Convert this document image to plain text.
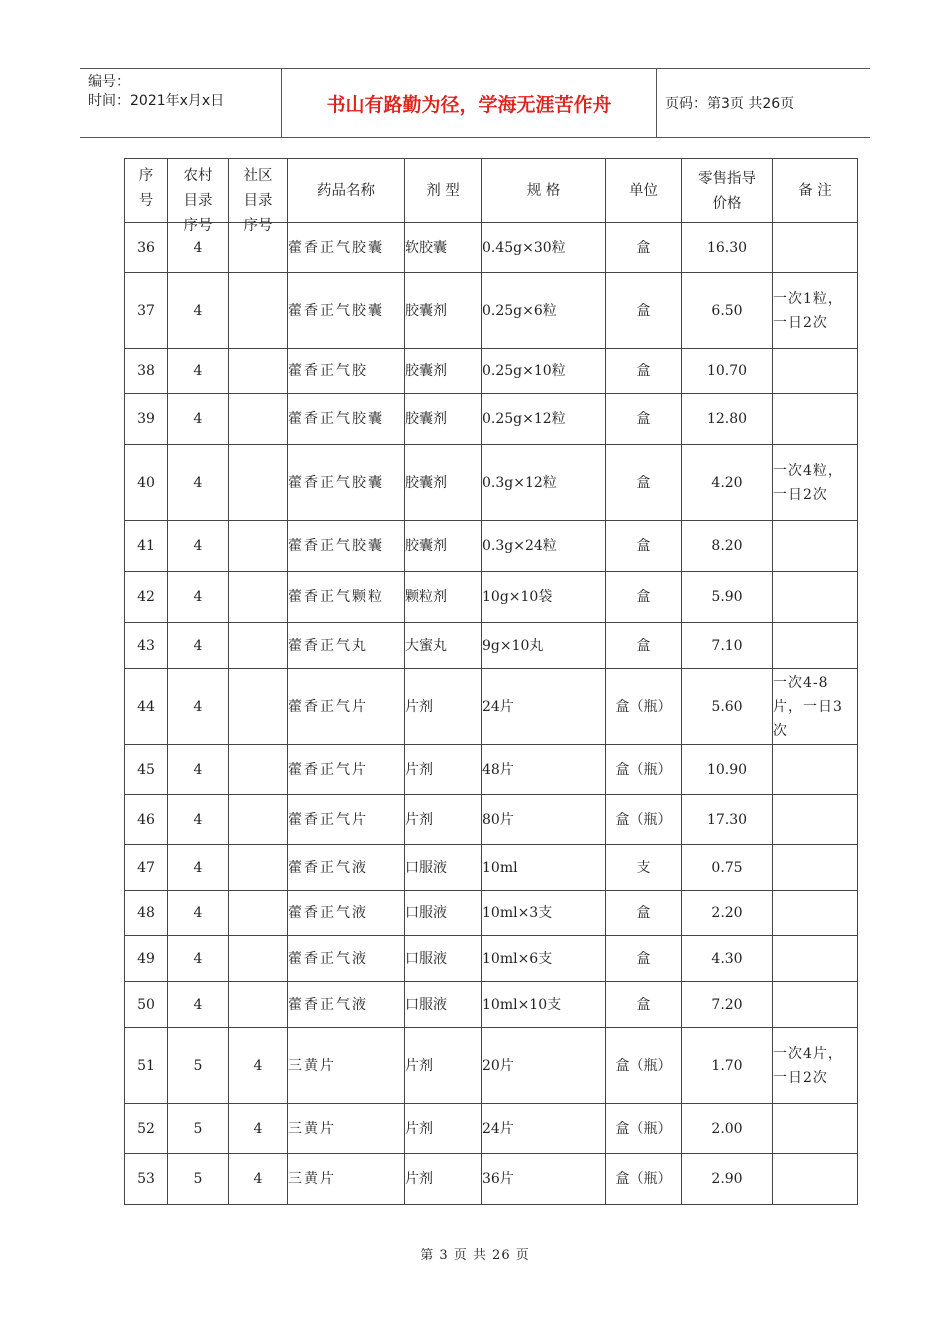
编号：
时间：2021年x月x日	书山有路勤为径，学海无涯苦作舟	页码：第3页 共26页
序号	农村目录序号	社区目录序号	药品名称	剂 型	规 格	单位	零售指导价格	备 注
36	4		藿香正气胶囊	软胶囊	0.45g×30粒	盒	16.30	
37	4		藿香正气胶囊	胶囊剂	0.25g×6粒	盒	6.50	一次1粒，一日2次
38	4		藿香正气胶	胶囊剂	0.25g×10粒	盒	10.70	
39	4		藿香正气胶囊	胶囊剂	0.25g×12粒	盒	12.80	
40	4		藿香正气胶囊	胶囊剂	0.3g×12粒	盒	4.20	一次4粒，一日2次
41	4		藿香正气胶囊	胶囊剂	0.3g×24粒	盒	8.20	
42	4		藿香正气颗粒	颗粒剂	10g×10袋	盒	5.90	
43	4		藿香正气丸	大蜜丸	9g×10丸	盒	7.10	
44	4		藿香正气片	片剂	24片	盒（瓶）	5.60	一次4-8片，一日3次
45	4		藿香正气片	片剂	48片	盒（瓶）	10.90	
46	4		藿香正气片	片剂	80片	盒（瓶）	17.30	
47	4		藿香正气液	口服液	10ml	支	0.75	
48	4		藿香正气液	口服液	10ml×3支	盒	2.20	
49	4		藿香正气液	口服液	10ml×6支	盒	4.30	
50	4		藿香正气液	口服液	10ml×10支	盒	7.20	
51	5	4	三黄片	片剂	20片	盒（瓶）	1.70	一次4片，一日2次
52	5	4	三黄片	片剂	24片	盒（瓶）	2.00	
53	5	4	三黄片	片剂	36片	盒（瓶）	2.90	
第 3 页 共 26 页
